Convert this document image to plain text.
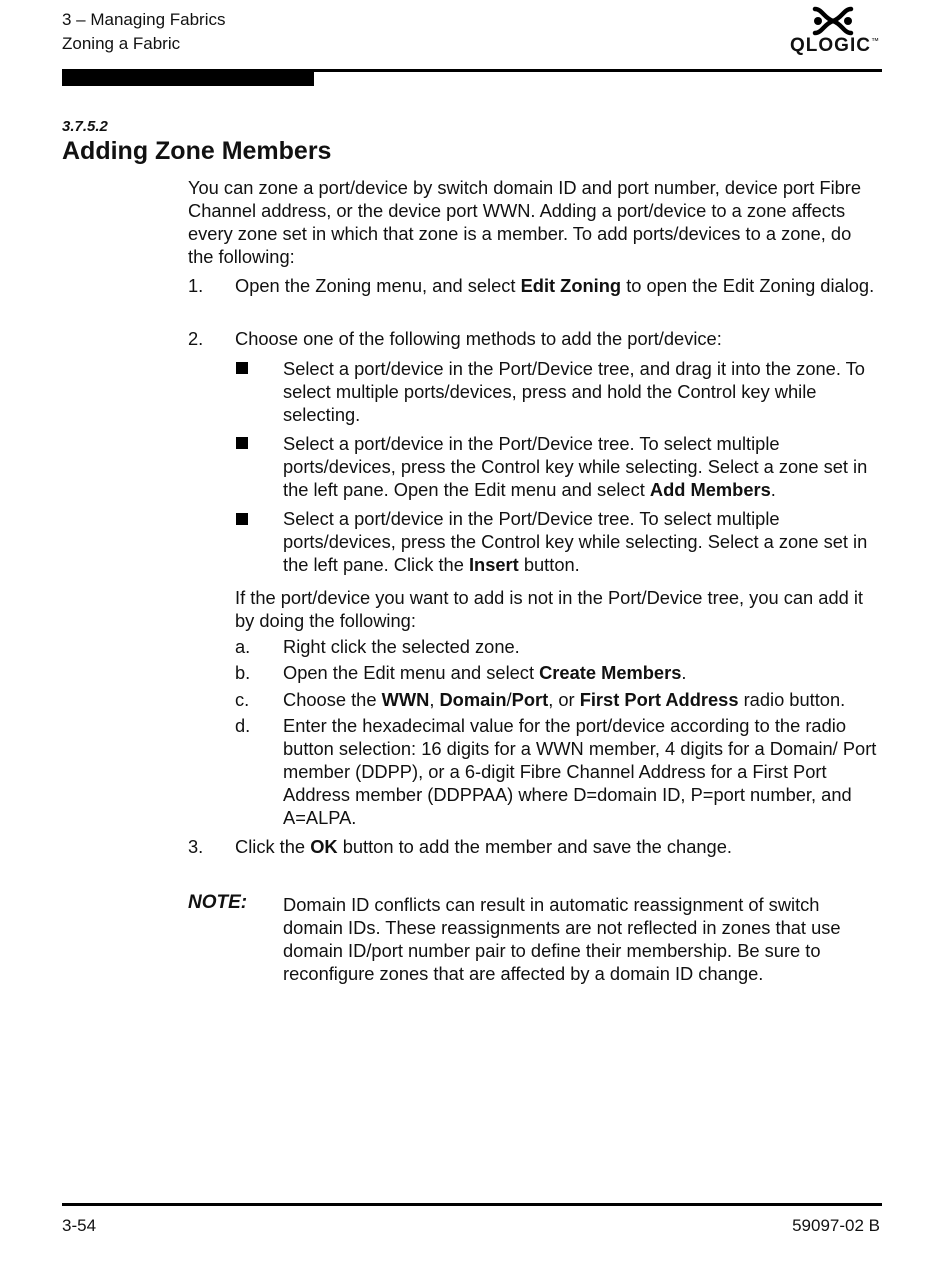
3 – Managing Fabrics
Zoning a Fabric	QLOGIC™
3.7.5.2
Adding Zone Members
You can zone a port/device by switch domain ID and port number, device port Fibre Channel address, or the device port WWN. Adding a port/device to a zone affects every zone set in which that zone is a member. To add ports/devices to a zone, do the following:
1.	Open the Zoning menu, and select Edit Zoning to open the Edit Zoning dialog.
2.	Choose one of the following methods to add the port/device:
Select a port/device in the Port/Device tree, and drag it into the zone. To select multiple ports/devices, press and hold the Control key while selecting.
Select a port/device in the Port/Device tree. To select multiple ports/devices, press the Control key while selecting. Select a zone set in the left pane. Open the Edit menu and select Add Members.
Select a port/device in the Port/Device tree. To select multiple ports/devices, press the Control key while selecting. Select a zone set in the left pane. Click the Insert button.
If the port/device you want to add is not in the Port/Device tree, you can add it by doing the following:
a. Right click the selected zone.
b. Open the Edit menu and select Create Members.
c. Choose the WWN, Domain/Port, or First Port Address radio button.
d. Enter the hexadecimal value for the port/device according to the radio button selection: 16 digits for a WWN member, 4 digits for a Domain/ Port member (DDPP), or a 6-digit Fibre Channel Address for a First Port Address member (DDPPAA) where D=domain ID, P=port number, and A=ALPA.
3.	Click the OK button to add the member and save the change.
NOTE: Domain ID conflicts can result in automatic reassignment of switch domain IDs. These reassignments are not reflected in zones that use domain ID/port number pair to define their membership. Be sure to reconfigure zones that are affected by a domain ID change.
3-54	59097-02 B
